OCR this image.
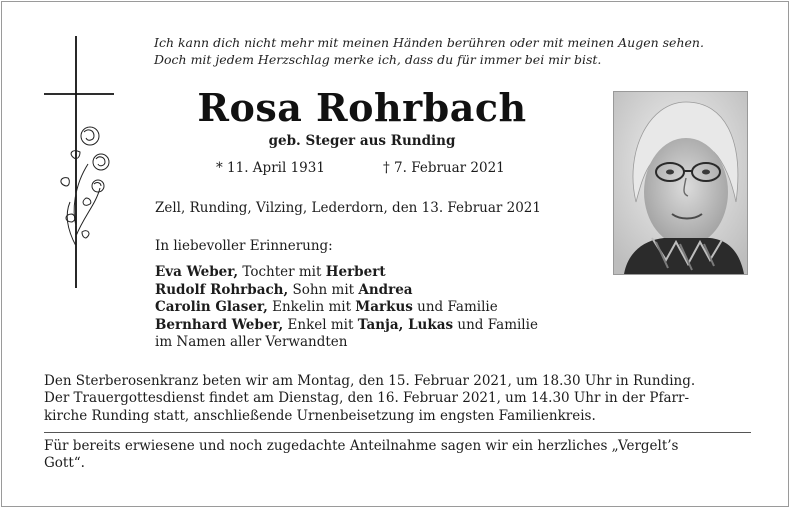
Ich kann dich nicht mehr mit meinen Händen berühren oder mit meinen Augen sehen.
Doch mit jedem Herzschlag merke ich, dass du für immer bei mir bist.
Rosa Rohrbach
geb. Steger aus Runding
* 11. April 1931	† 7. Februar 2021
Zell, Runding, Vilzing, Lederdorn, den 13. Februar 2021
In liebevoller Erinnerung:
Eva Weber, Tochter mit Herbert
Rudolf Rohrbach, Sohn mit Andrea
Carolin Glaser, Enkelin mit Markus und Familie
Bernhard Weber, Enkel mit Tanja, Lukas und Familie
im Namen aller Verwandten
Den Sterberosenkranz beten wir am Montag, den 15. Februar 2021, um 18.30 Uhr in Runding.
Der Trauergottesdienst findet am Dienstag, den 16. Februar 2021, um 14.30 Uhr in der Pfarr-
kirche Runding statt, anschließende Urnenbeisetzung im engsten Familienkreis.
Für bereits erwiesene und noch zugedachte Anteilnahme sagen wir ein herzliches „Vergelt’s
Gott“.
